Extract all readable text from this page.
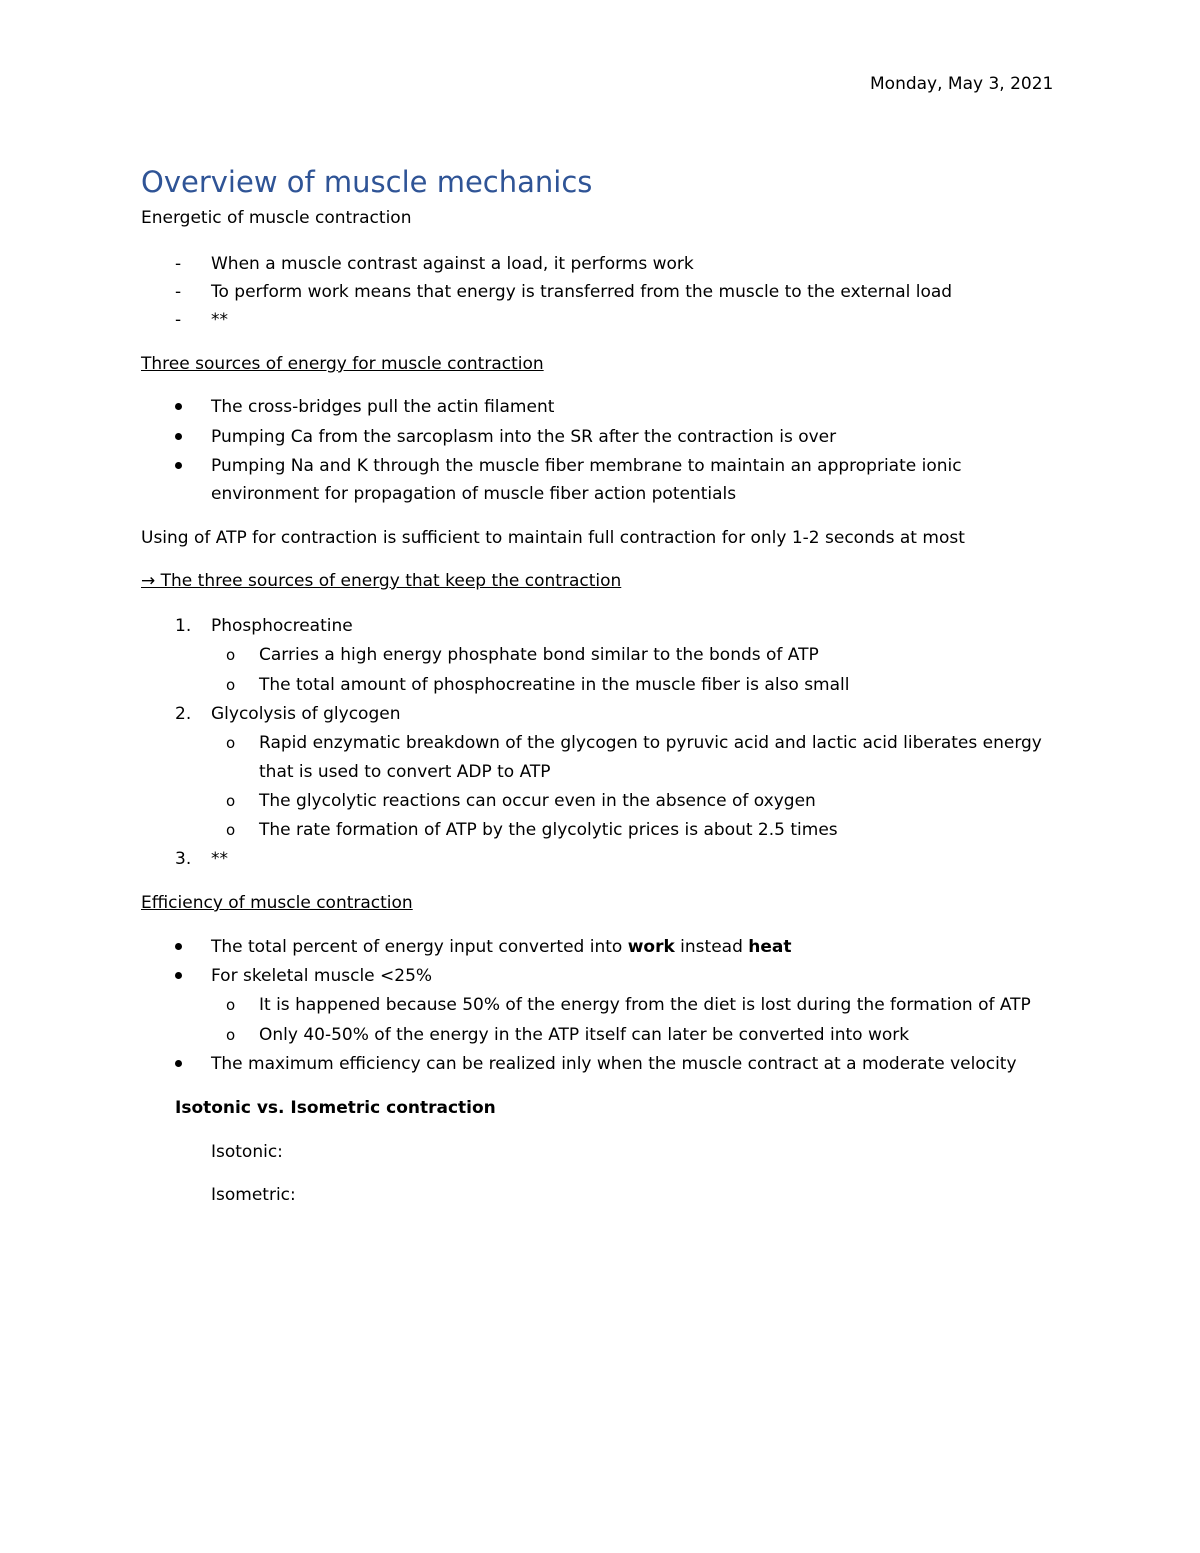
Monday, May 3, 2021
Overview of muscle mechanics
Energetic of muscle contraction
- When a muscle contrast against a load, it performs work
- To perform work means that energy is transferred from the muscle to the external load
- **
Three sources of energy for muscle contraction
The cross-bridges pull the actin filament
Pumping Ca from the sarcoplasm into the SR after the contraction is over
Pumping Na and K through the muscle fiber membrane to maintain an appropriate ionic
environment for propagation of muscle fiber action potentials
Using of ATP for contraction is sufficient to maintain full contraction for only 1-2 seconds at most
→ The three sources of energy that keep the contraction
1. Phosphocreatine
o Carries a high energy phosphate bond similar to the bonds of ATP
o The total amount of phosphocreatine in the muscle fiber is also small
2. Glycolysis of glycogen
o Rapid enzymatic breakdown of the glycogen to pyruvic acid and lactic acid liberates energy
that is used to convert ADP to ATP
o The glycolytic reactions can occur even in the absence of oxygen
o The rate formation of ATP by the glycolytic prices is about 2.5 times
3. **
Efficiency of muscle contraction
The total percent of energy input converted into work instead heat
For skeletal muscle <25%
o It is happened because 50% of the energy from the diet is lost during the formation of ATP
o Only 40-50% of the energy in the ATP itself can later be converted into work
The maximum efficiency can be realized inly when the muscle contract at a moderate velocity
Isotonic vs. Isometric contraction
Isotonic:
Isometric:
